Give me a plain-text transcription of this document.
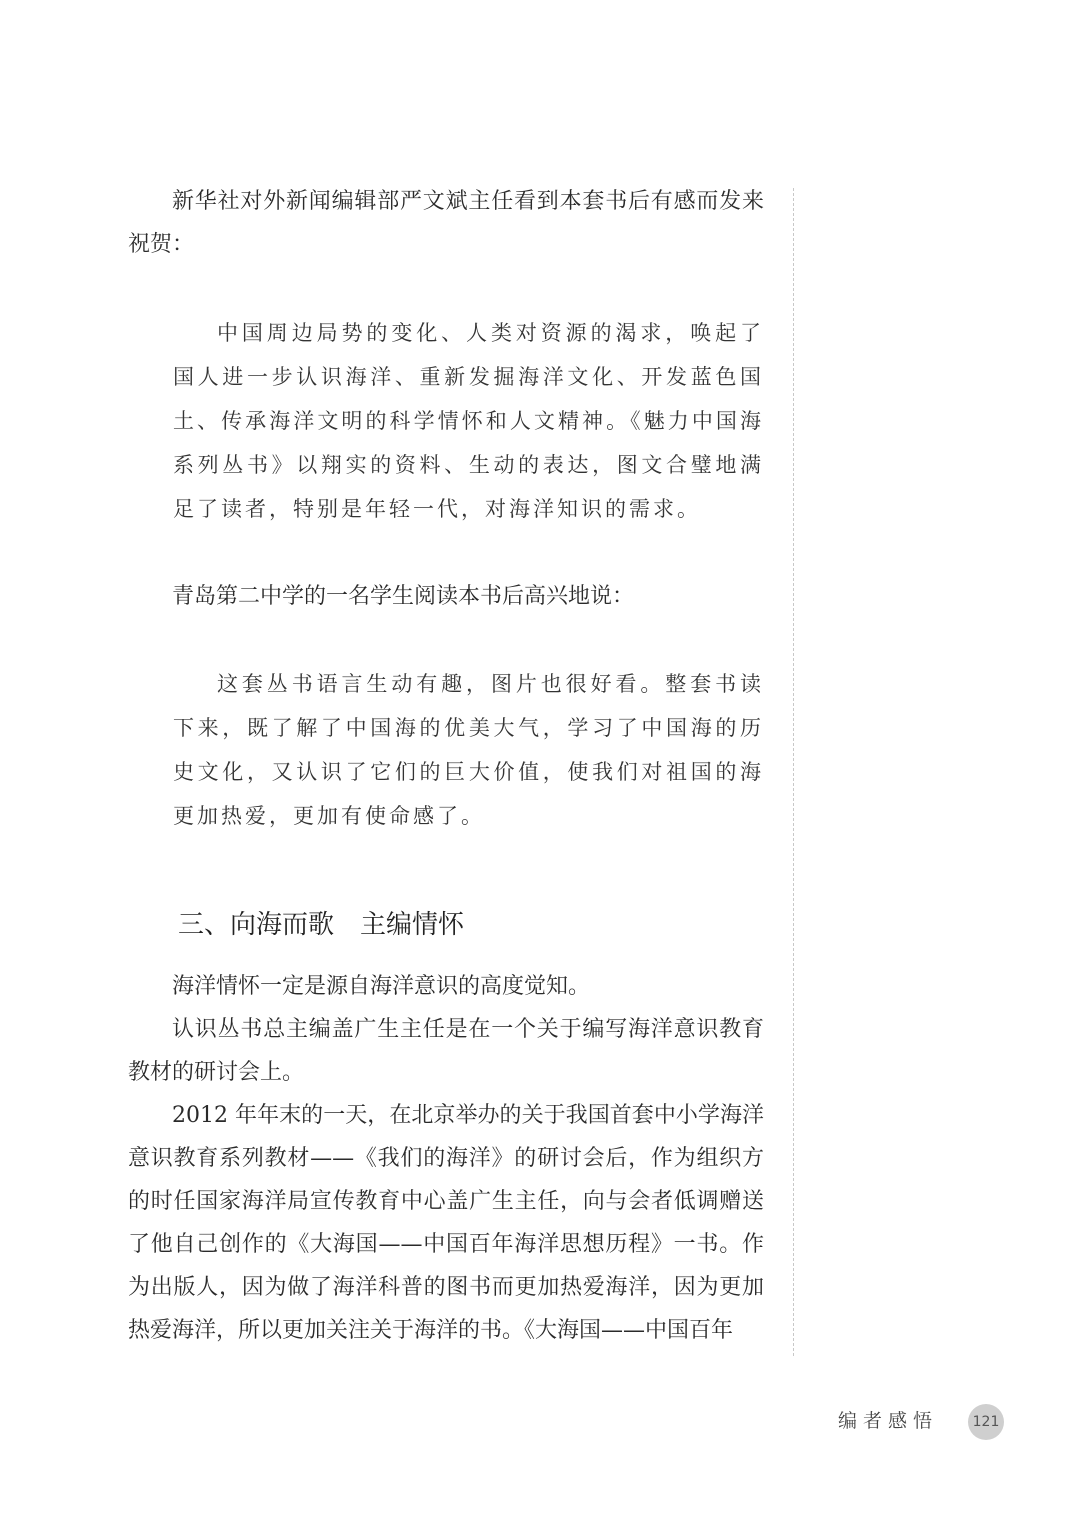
新华社对外新闻编辑部严文斌主任看到本套书后有感而发来祝贺：

中国周边局势的变化、人类对资源的渴求，唤起了国人进一步认识海洋、重新发掘海洋文化、开发蓝色国土、传承海洋文明的科学情怀和人文精神。《魅力中国海系列丛书》以翔实的资料、生动的表达，图文合璧地满足了读者，特别是年轻一代，对海洋知识的需求。

青岛第二中学的一名学生阅读本书后高兴地说：

这套丛书语言生动有趣，图片也很好看。整套书读下来，既了解了中国海的优美大气，学习了中国海的历史文化，又认识了它们的巨大价值，使我们对祖国的海更加热爱，更加有使命感了。

三、向海而歌　主编情怀

海洋情怀一定是源自海洋意识的高度觉知。

认识丛书总主编盖广生主任是在一个关于编写海洋意识教育教材的研讨会上。

2012 年年末的一天，在北京举办的关于我国首套中小学海洋意识教育系列教材——《我们的海洋》的研讨会后，作为组织方的时任国家海洋局宣传教育中心盖广生主任，向与会者低调赠送了他自己创作的《大海国——中国百年海洋思想历程》一书。作为出版人，因为做了海洋科普的图书而更加热爱海洋，因为更加热爱海洋，所以更加关注关于海洋的书。《大海国——中国百年

编者感悟	121
